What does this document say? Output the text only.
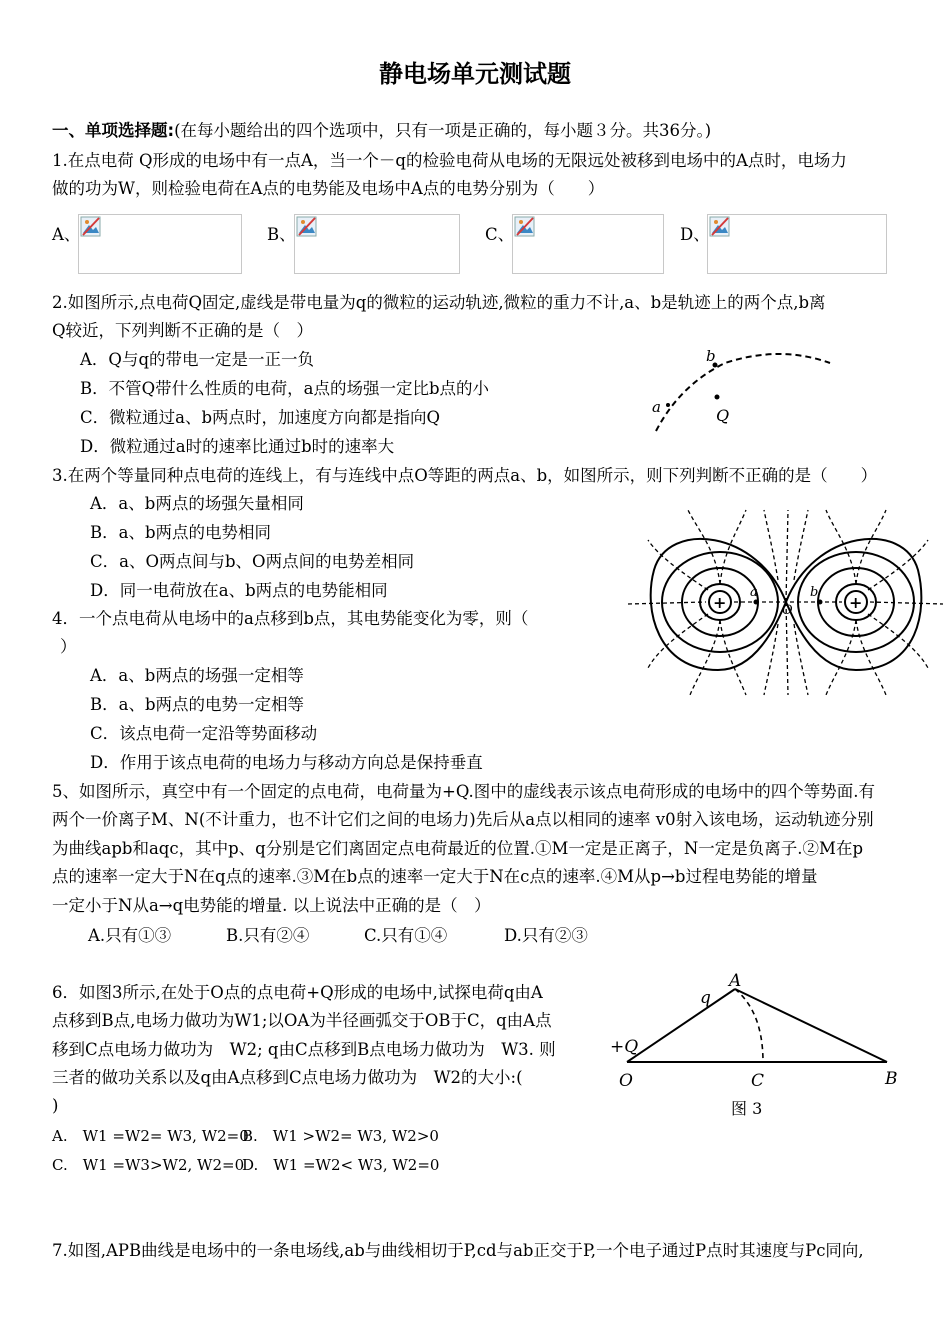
静电场单元测试题
一、单项选择题:(在每小题给出的四个选项中，只有一项是正确的，每小题３分。共36分。)
1.在点电荷 Q形成的电场中有一点A，当一个－q的检验电荷从电场的无限远处被移到电场中的A点时，电场力
做的功为W，则检验电荷在A点的电势能及电场中A点的电势分别为（　　）
A、	B、	C、	D、
2.如图所示,点电荷Q固定,虚线是带电量为q的微粒的运动轨迹,微粒的重力不计,a、b是轨迹上的两个点,b离
Q较近，下列判断不正确的是（　）
A．Q与q的带电一定是一正一负
B．不管Q带什么性质的电荷，a点的场强一定比b点的小
C．微粒通过a、b两点时，加速度方向都是指向Q
D．微粒通过a时的速率比通过b时的速率大
b
a	Q
3.在两个等量同种点电荷的连线上，有与连线中点O等距的两点a、b，如图所示，则下列判断不正确的是（　　）
A．a、b两点的场强矢量相同
B．a、b两点的电势相同
C．a、O两点间与b、O两点间的电势差相同
D．同一电荷放在a、b两点的电势能相同
+	+
a	b
O
4．一个点电荷从电场中的a点移到b点，其电势能变化为零，则（
）
A．a、b两点的场强一定相等
B．a、b两点的电势一定相等
C．该点电荷一定沿等势面移动
D．作用于该点电荷的电场力与移动方向总是保持垂直
5、如图所示，真空中有一个固定的点电荷，电荷量为+Q.图中的虚线表示该点电荷形成的电场中的四个等势面.有
两个一价离子M、N(不计重力，也不计它们之间的电场力)先后从a点以相同的速率 v0射入该电场，运动轨迹分别
为曲线apb和aqc，其中p、q分别是它们离固定点电荷最近的位置.①M一定是正离子，N一定是负离子.②M在p
点的速率一定大于N在q点的速率.③M在b点的速率一定大于N在c点的速率.④M从p→b过程电势能的增量
一定小于N从a→q电势能的增量. 以上说法中正确的是（　）
A.只有①③	B.只有②④	C.只有①④	D.只有②③
6．如图3所示,在处于O点的点电荷+Q形成的电场中,试探电荷q由A
点移到B点,电场力做功为W1;以OA为半径画弧交于OB于C，q由A点
移到C点电场力做功为　W2; q由C点移到B点电场力做功为　W3. 则
三者的做功关系以及q由A点移到C点电场力做功为　W2的大小:(
)
A.　W1 =W2= W3, W2=0
B.　W1 >W2= W3, W2>0
C.　W1 =W3>W2, W2=0
D.　W1 =W2< W3, W2=0
A
q
+Q
O	C	B
图 3
7.如图,APB曲线是电场中的一条电场线,ab与曲线相切于P,cd与ab正交于P,一个电子通过P点时其速度与Pc同向,
